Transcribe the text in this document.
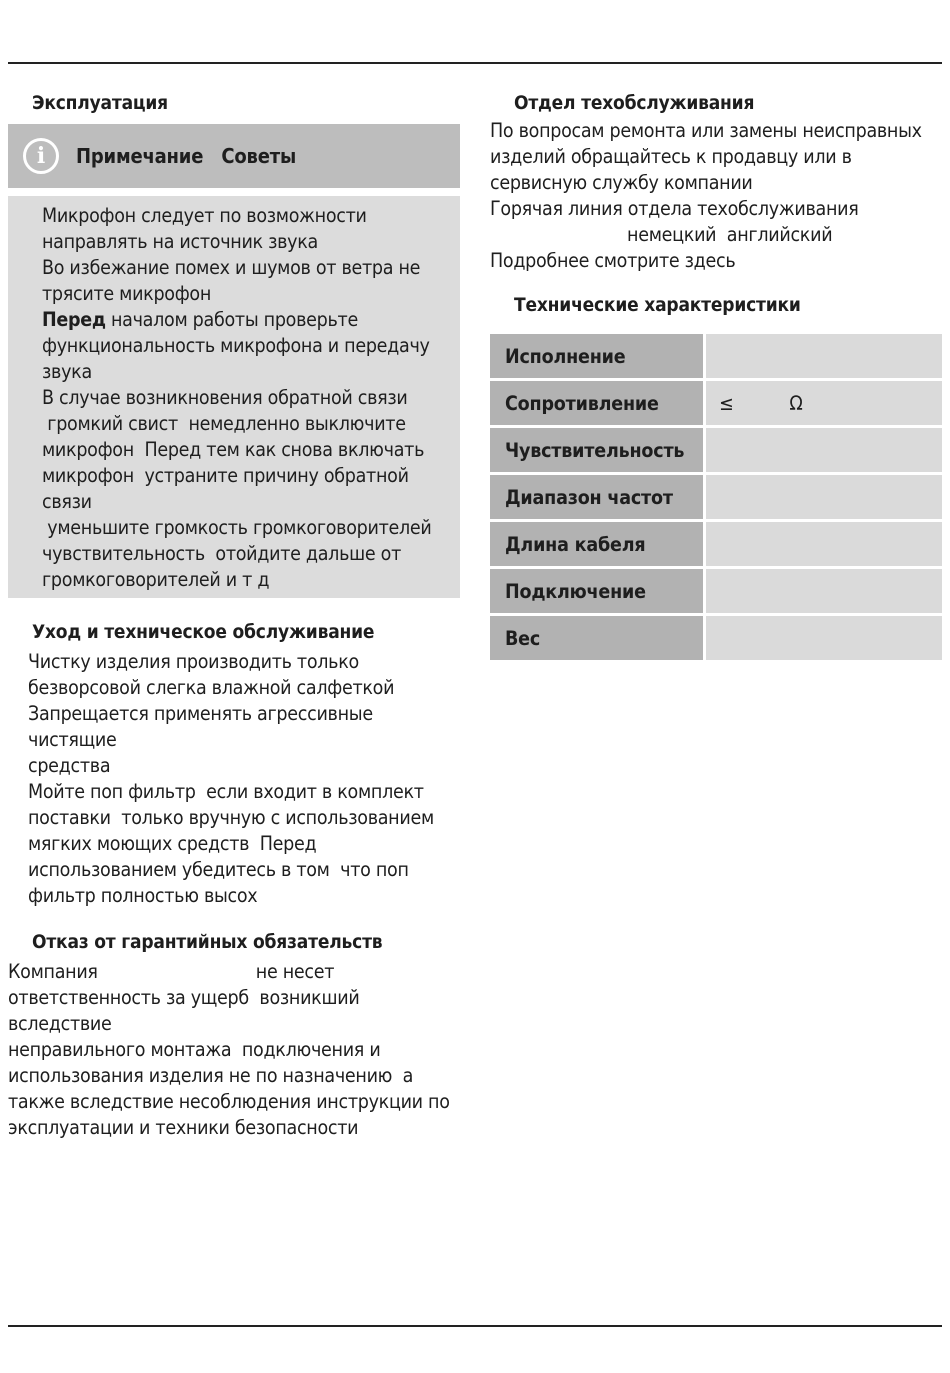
Эксплуатация
i	Примечание   Советы

Микрофон следует по возможности

направлять на источник звука

Во избежание помех и шумов от ветра не

трясите микрофон

Перед началом работы проверьте

функциональность микрофона и передачу

звука

В случае возникновения обратной связи

громкий свист  немедленно выключите

микрофон  Перед тем как снова включать

микрофон  устраните причину обратной связи

уменьшите громкость громкоговорителей

чувствительность  отойдите дальше от

громкоговорителей и т д

Уход и техническое обслуживание

Чистку изделия производить только

безворсовой слегка влажной салфеткой

Запрещается применять агрессивные чистящие

средства

Мойте поп фильтр  если входит в комплект

поставки  только вручную с использованием

мягких моющих средств  Перед

использованием убедитесь в том  что поп

фильтр полностью высох

Отказ от гарантийных обязательств

Компания                              не несет

ответственность за ущерб  возникший вследствие

неправильного монтажа  подключения и

использования изделия не по назначению  а

также вследствие несоблюдения инструкции по

эксплуатации и техники безопасности

Отдел техобслуживания

По вопросам ремонта или замены неисправных

изделий обращайтесь к продавцу или в

сервисную службу компании

Горячая линия отдела техобслуживания

немецкий  английский

Подробнее смотрите здесь

Технические характеристики
Исполнение		
Сопротивление		≤          Ω
Чувствительность		
Диапазон частот		
Длина кабеля		
Подключение		
Вес		
